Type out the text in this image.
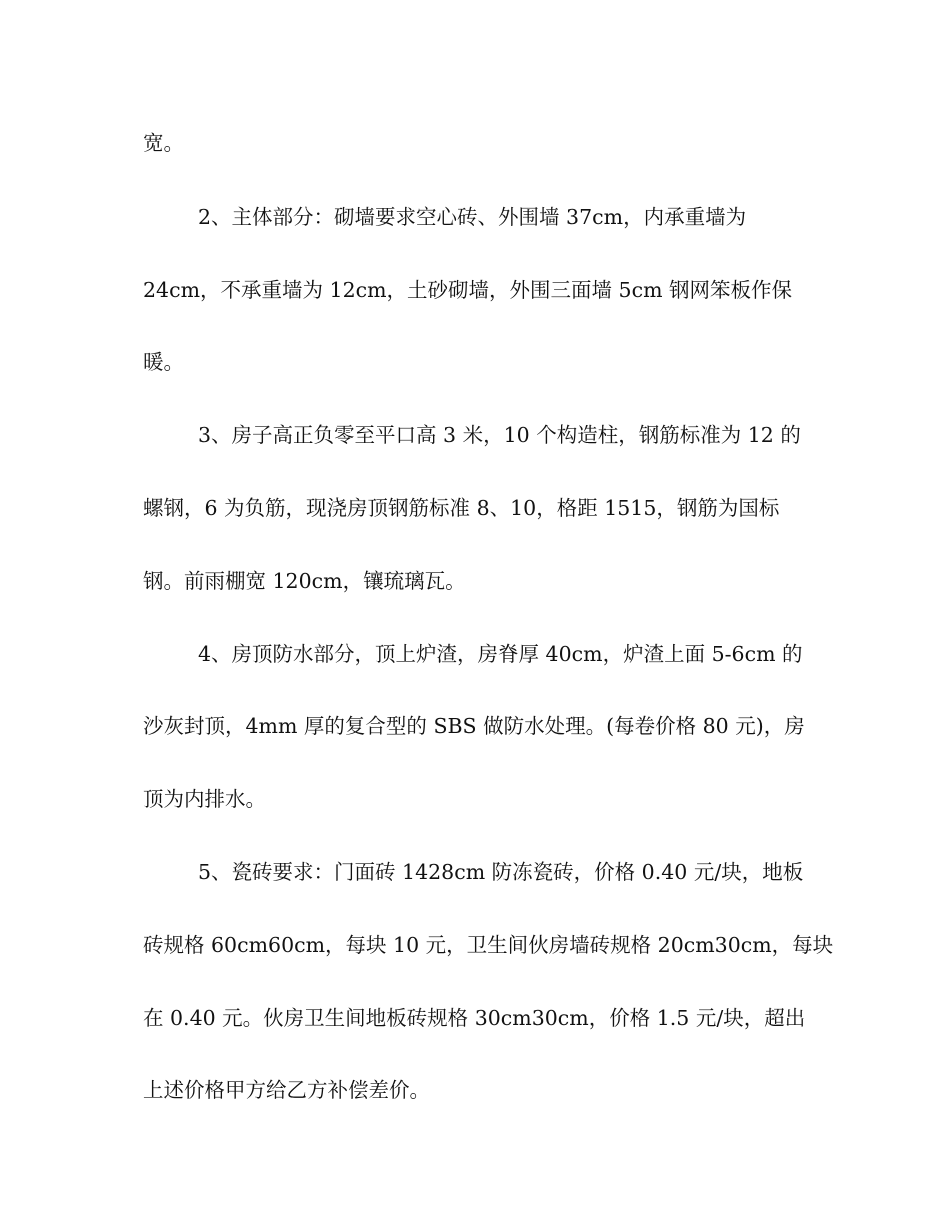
宽。
2、主体部分：砌墙要求空心砖、外围墙 37cm，内承重墙为
24cm，不承重墙为 12cm，土砂砌墙，外围三面墙 5cm 钢网笨板作保
暖。
3、房子高正负零至平口高 3 米，10 个构造柱，钢筋标准为 12 的
螺钢，6 为负筋，现浇房顶钢筋标准 8、10，格距 1515，钢筋为国标
钢。前雨棚宽 120cm，镶琉璃瓦。
4、房顶防水部分，顶上炉渣，房脊厚 40cm，炉渣上面 5-6cm 的
沙灰封顶，4mm 厚的复合型的 SBS 做防水处理。(每卷价格 80 元)，房
顶为内排水。
5、瓷砖要求：门面砖 1428cm 防冻瓷砖，价格 0.40 元/块，地板
砖规格 60cm60cm，每块 10 元，卫生间伙房墙砖规格 20cm30cm，每块
在 0.40 元。伙房卫生间地板砖规格 30cm30cm，价格 1.5 元/块，超出
上述价格甲方给乙方补偿差价。
